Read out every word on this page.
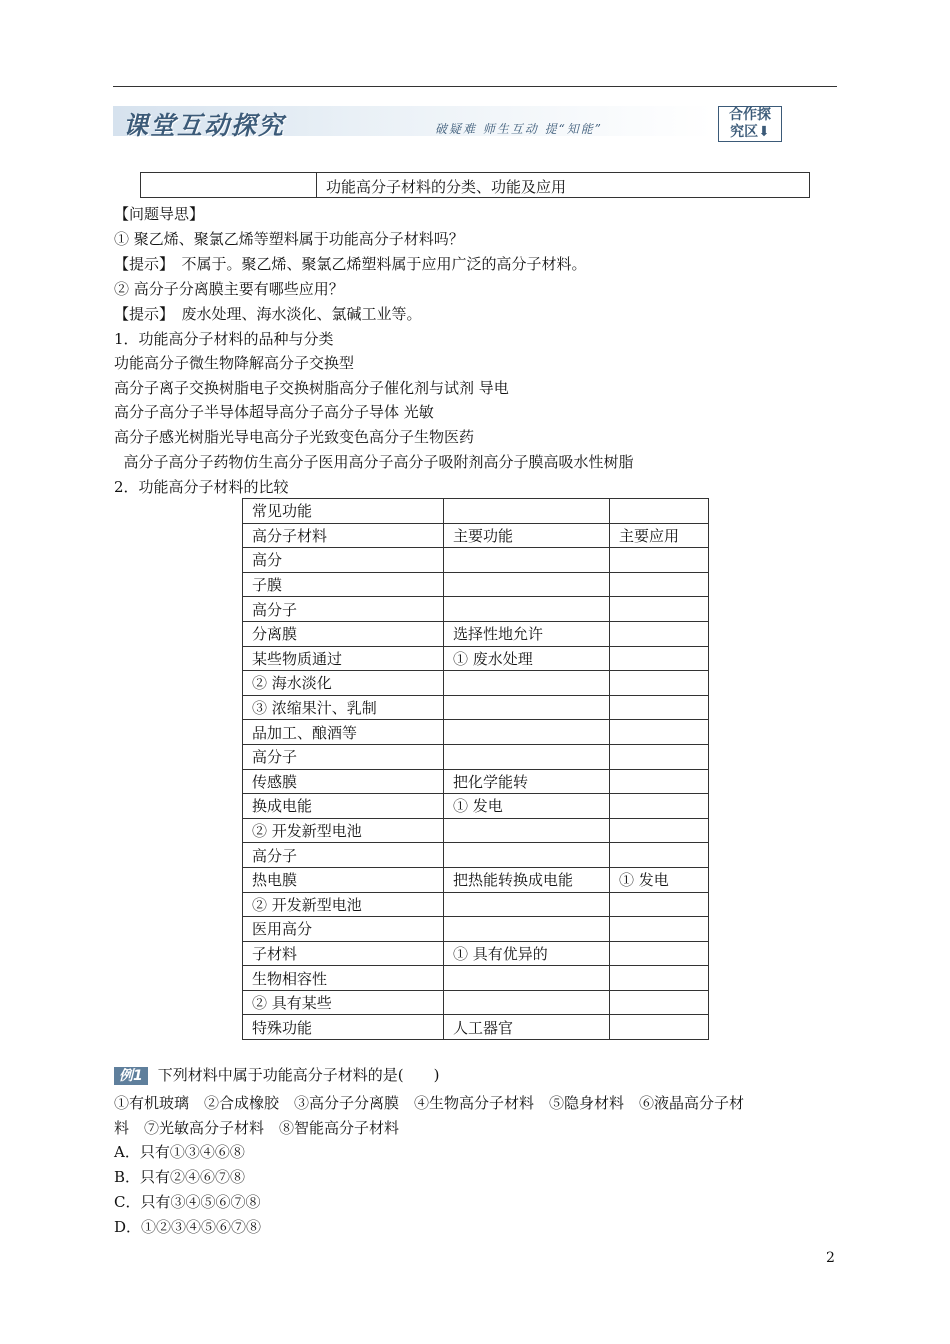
课堂互动探究	破疑难 师生互动 提“知能”
合作探
究区⬇
功能高分子材料的分类、功能及应用
【问题导思】
① 聚乙烯、聚氯乙烯等塑料属于功能高分子材料吗？
【提示】　不属于。聚乙烯、聚氯乙烯塑料属于应用广泛的高分子材料。
② 高分子分离膜主要有哪些应用？
【提示】　废水处理、海水淡化、氯碱工业等。
1．功能高分子材料的品种与分类
功能高分子微生物降解高分子交换型
高分子离子交换树脂电子交换树脂高分子催化剂与试剂 导电
高分子高分子半导体超导高分子高分子导体 光敏
高分子感光树脂光导电高分子光致变色高分子生物医药
高分子高分子药物仿生高分子医用高分子高分子吸附剂高分子膜高吸水性树脂
2．功能高分子材料的比较
常见功能		
高分子材料	主要功能	主要应用
高分		
子膜		
高分子		
分离膜	选择性地允许	
某些物质通过	① 废水处理	
② 海水淡化		
③ 浓缩果汁、乳制		
品加工、酿酒等		
高分子		
传感膜	把化学能转	
换成电能	① 发电	
② 开发新型电池		
高分子		
热电膜	把热能转换成电能	① 发电
② 开发新型电池		
医用高分		
子材料	① 具有优异的	
生物相容性		
② 具有某些		
特殊功能	人工器官	
例1 下列材料中属于功能高分子材料的是(　　)
①有机玻璃　②合成橡胶　③高分子分离膜　④生物高分子材料　⑤隐身材料　⑥液晶高分子材
料　⑦光敏高分子材料　⑧智能高分子材料
A．只有①③④⑥⑧
B．只有②④⑥⑦⑧
C．只有③④⑤⑥⑦⑧
D．①②③④⑤⑥⑦⑧
2
